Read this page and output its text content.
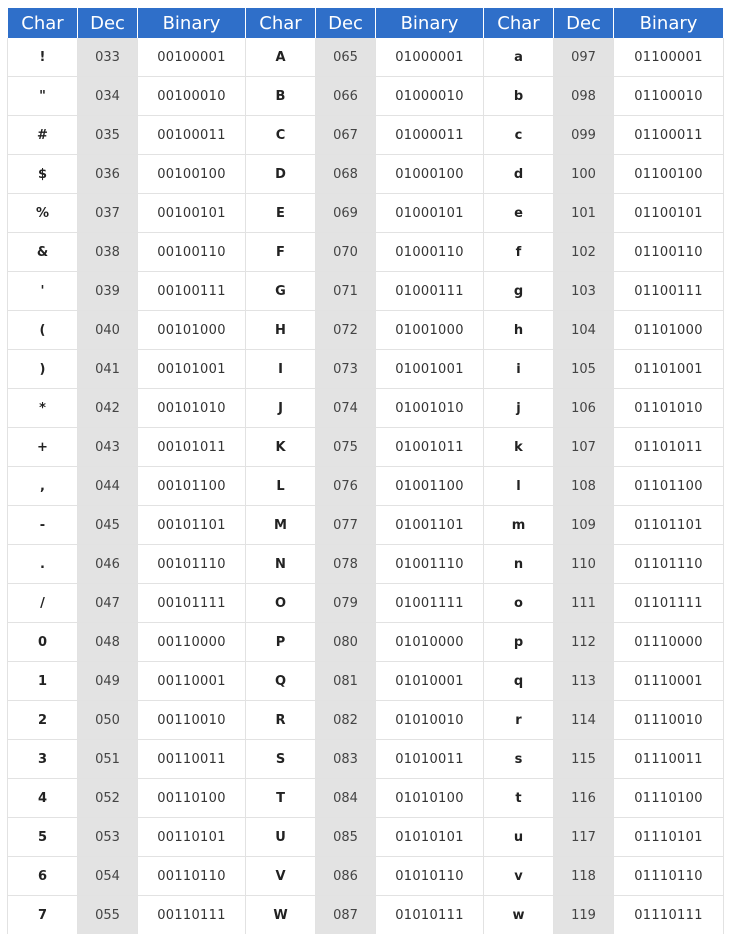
Char	Dec	Binary	Char	Dec	Binary	Char	Dec	Binary
!	033	00100001	A	065	01000001	a	097	01100001
"	034	00100010	B	066	01000010	b	098	01100010
#	035	00100011	C	067	01000011	c	099	01100011
$	036	00100100	D	068	01000100	d	100	01100100
%	037	00100101	E	069	01000101	e	101	01100101
&	038	00100110	F	070	01000110	f	102	01100110
'	039	00100111	G	071	01000111	g	103	01100111
(	040	00101000	H	072	01001000	h	104	01101000
)	041	00101001	I	073	01001001	i	105	01101001
*	042	00101010	J	074	01001010	j	106	01101010
+	043	00101011	K	075	01001011	k	107	01101011
,	044	00101100	L	076	01001100	l	108	01101100
-	045	00101101	M	077	01001101	m	109	01101101
.	046	00101110	N	078	01001110	n	110	01101110
/	047	00101111	O	079	01001111	o	111	01101111
0	048	00110000	P	080	01010000	p	112	01110000
1	049	00110001	Q	081	01010001	q	113	01110001
2	050	00110010	R	082	01010010	r	114	01110010
3	051	00110011	S	083	01010011	s	115	01110011
4	052	00110100	T	084	01010100	t	116	01110100
5	053	00110101	U	085	01010101	u	117	01110101
6	054	00110110	V	086	01010110	v	118	01110110
7	055	00110111	W	087	01010111	w	119	01110111
